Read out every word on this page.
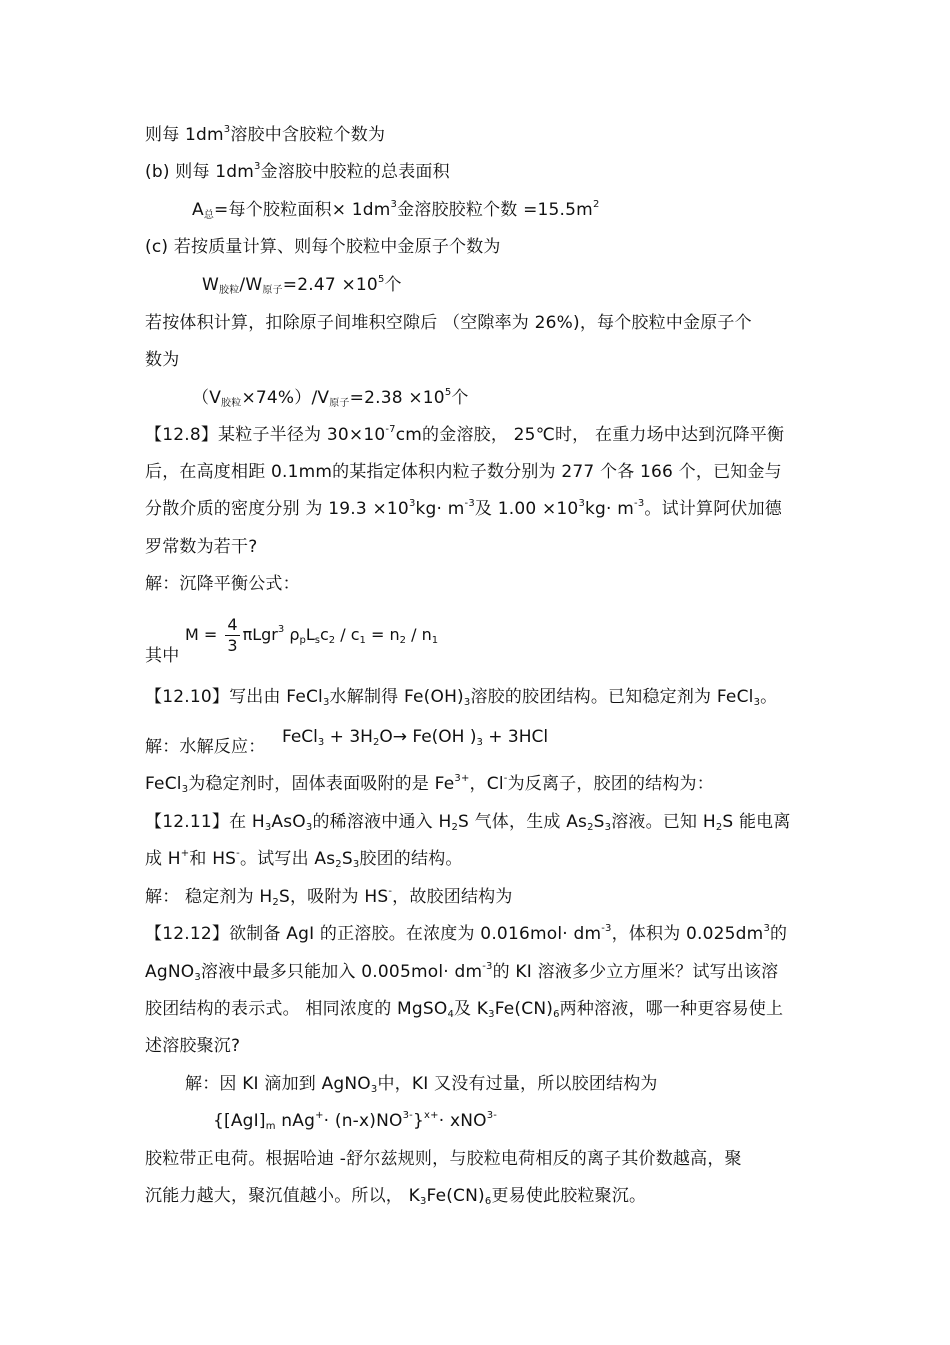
则每 $1dm^3$溶胶中含胶粒个数为
(b) 则每 $1dm^3$金溶胶中胶粒的总表面积
$A_总=$每个胶粒面积× $1dm^3$金溶胶胶粒个数 $=15.5m^2$
(c) 若按质量计算、则每个胶粒中金原子个数为
$W_{胶粒}/W_{原子}=2.47 \times 10^5$个
若按体积计算，扣除原子间堆积空隙后 （空隙率为 26%)，每个胶粒中金原子个
数为
$(V_{胶粒}\times 74\%)/V_{原子}=2.38 \times 10^5$个
【12.8】某粒子半径为 $30\times 10^{-7}cm$的金溶胶， 25℃时， 在重力场中达到沉降平衡
后，在高度相距 0.1mm的某指定体积内粒子数分别为 277 个各 166 个，已知金与
分散介质的密度分别 为 $19.3 \times 10^3kg\cdot m^{-3}$及 $1.00 \times 10^3kg\cdot m^{-3}$。试计算阿伏加德
罗常数为若干?
解：沉降平衡公式：
$M = \frac{4}{3} \pi Lgr^3$ $\rho_pL_sc_2 / c_1 = n_2 / n_1$
其中
【12.10】写出由 FeCl$_3$水解制得 $Fe(OH)_3$溶胶的胶团结构。已知稳定剂为 FeCl$_3$。
解：水解反应： FeCl$_3$ + $3H_2O\to Fe(OH$ )$_3 + 3HCl$
FeCl$_3$为稳定剂时，固体表面吸附的是 $Fe^{3+}$，Cl-为反离子，胶团的结构为：
【12.11】在 $H_3AsO_3$的稀溶液中通入 $H_2S$ 气体，生成 $As_2S_3$溶液。已知 $H_2S$ 能电离
成 H+和 HS-。试写出 $As_2S_3$胶团的结构。
解： 稳定剂为 $H_2S$，吸附为 HS-，故胶团结构为
【12.12】欲制备 AgI 的正溶胶。在浓度为 $0.016mol\cdot dm^{-3}$，体积为 $0.025dm^3$的
AgNO$_3$溶液中最多只能加入 $0.005mol\cdot dm^{-3}$的 KI 溶液多少立方厘米？试写出该溶
胶团结构的表示式。 相同浓度的 MgSO$_4$及 $K_3Fe(CN)_6$两种溶液，哪一种更容易使上
述溶胶聚沉?
解：因 KI 滴加到 AgNO$_3$中，KI 又没有过量，所以胶团结构为
{$[AgI]_m$ $nAg^+\cdot (n-x)NO^{3-}\}^{x+}\cdot xNO^{3-}$
胶粒带正电荷。根据哈迪 -舒尔兹规则，与胶粒电荷相反的离子其价数越高，聚
沉能力越大，聚沉值越小。所以， $K_3Fe(CN)_6$更易使此胶粒聚沉。
